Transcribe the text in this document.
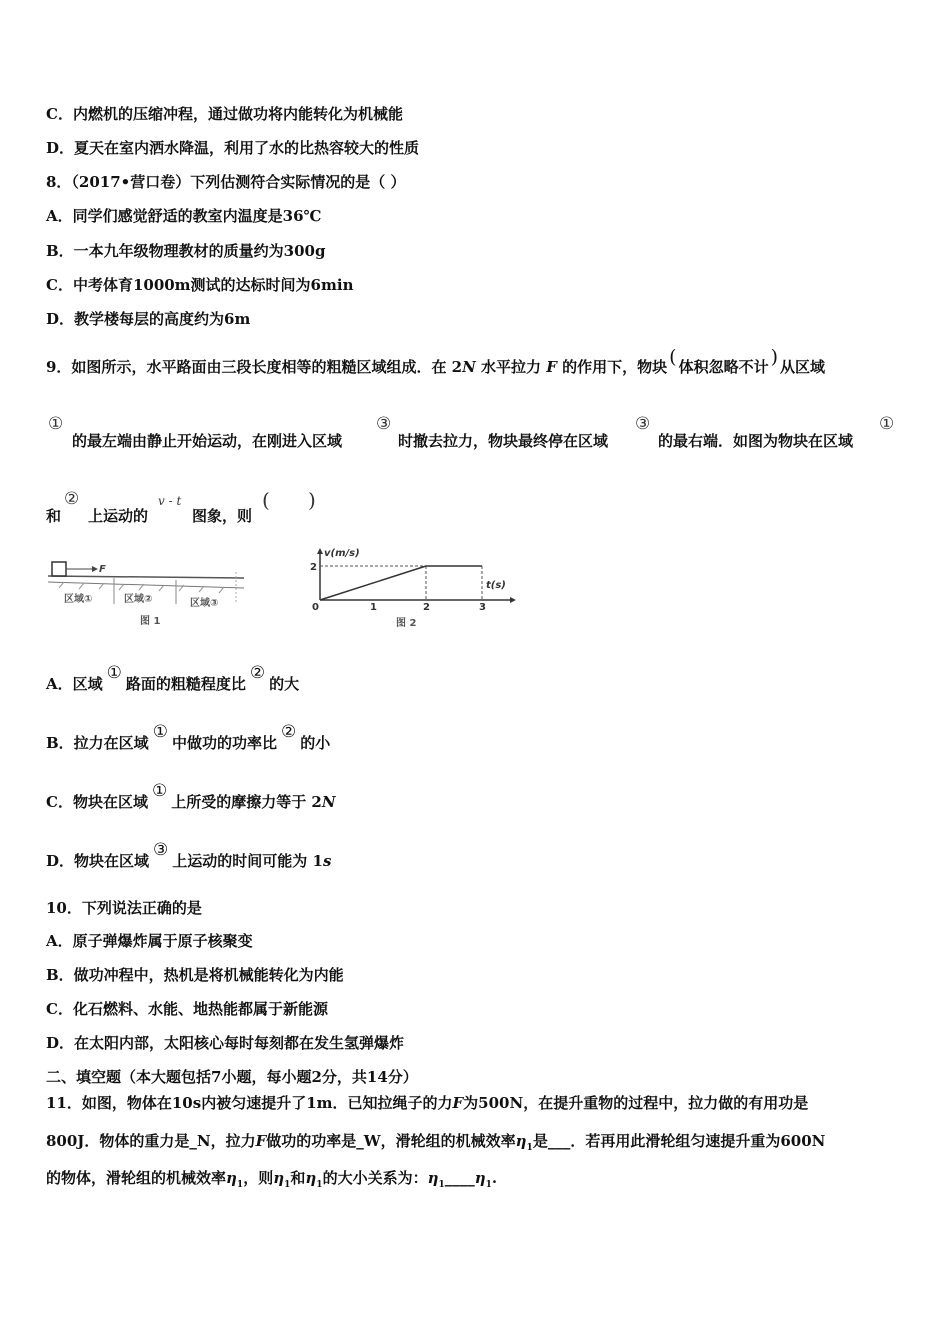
C．内燃机的压缩冲程，通过做功将内能转化为机械能
D．夏天在室内洒水降温，利用了水的比热容较大的性质
8．（2017•营口卷）下列估测符合实际情况的是（ ）
A．同学们感觉舒适的教室内温度是36℃
B．一本九年级物理教材的质量约为300g
C．中考体育1000m测试的达标时间为6min
D．教学楼每层的高度约为6m
9．如图所示，水平路面由三段长度相等的粗糙区域组成．在 2N 水平拉力 F 的作用下，物块 ( 体积忽略不计 ) 从区域
①
的最左端由静止开始运动，在刚进入区域
③
时撤去拉力，物块最终停在区域
③
的最右端．如图为物块在区域
①
和
②
上运动的
v - t
图象，则
( )
F
区域①	区域②	区域③
图 1
v(m/s)
t(s)
2
0	1	2	3
图 2
A．区域①路面的粗糙程度比②的大
B．拉力在区域①中做功的功率比②的小
C．物块在区域①上所受的摩擦力等于 2N
D．物块在区域③上运动的时间可能为 1s
10．下列说法正确的是
A．原子弹爆炸属于原子核聚变
B．做功冲程中，热机是将机械能转化为内能
C．化石燃料、水能、地热能都属于新能源
D．在太阳内部，太阳核心每时每刻都在发生氢弹爆炸
二、填空题（本大题包括7小题，每小题2分，共14分）
11．如图，物体在10s内被匀速提升了1m．已知拉绳子的力F为500N，在提升重物的过程中，拉力做的有用功是
800J．物体的重力是_N，拉力F做功的功率是_W，滑轮组的机械效率$\eta_1$是___．若再用此滑轮组匀速提升重为600N
的物体，滑轮组的机械效率$\eta_1$，则$\eta_1$和$\eta_1$的大小关系为：$\eta_1\_\_\_\_\eta_1$.
